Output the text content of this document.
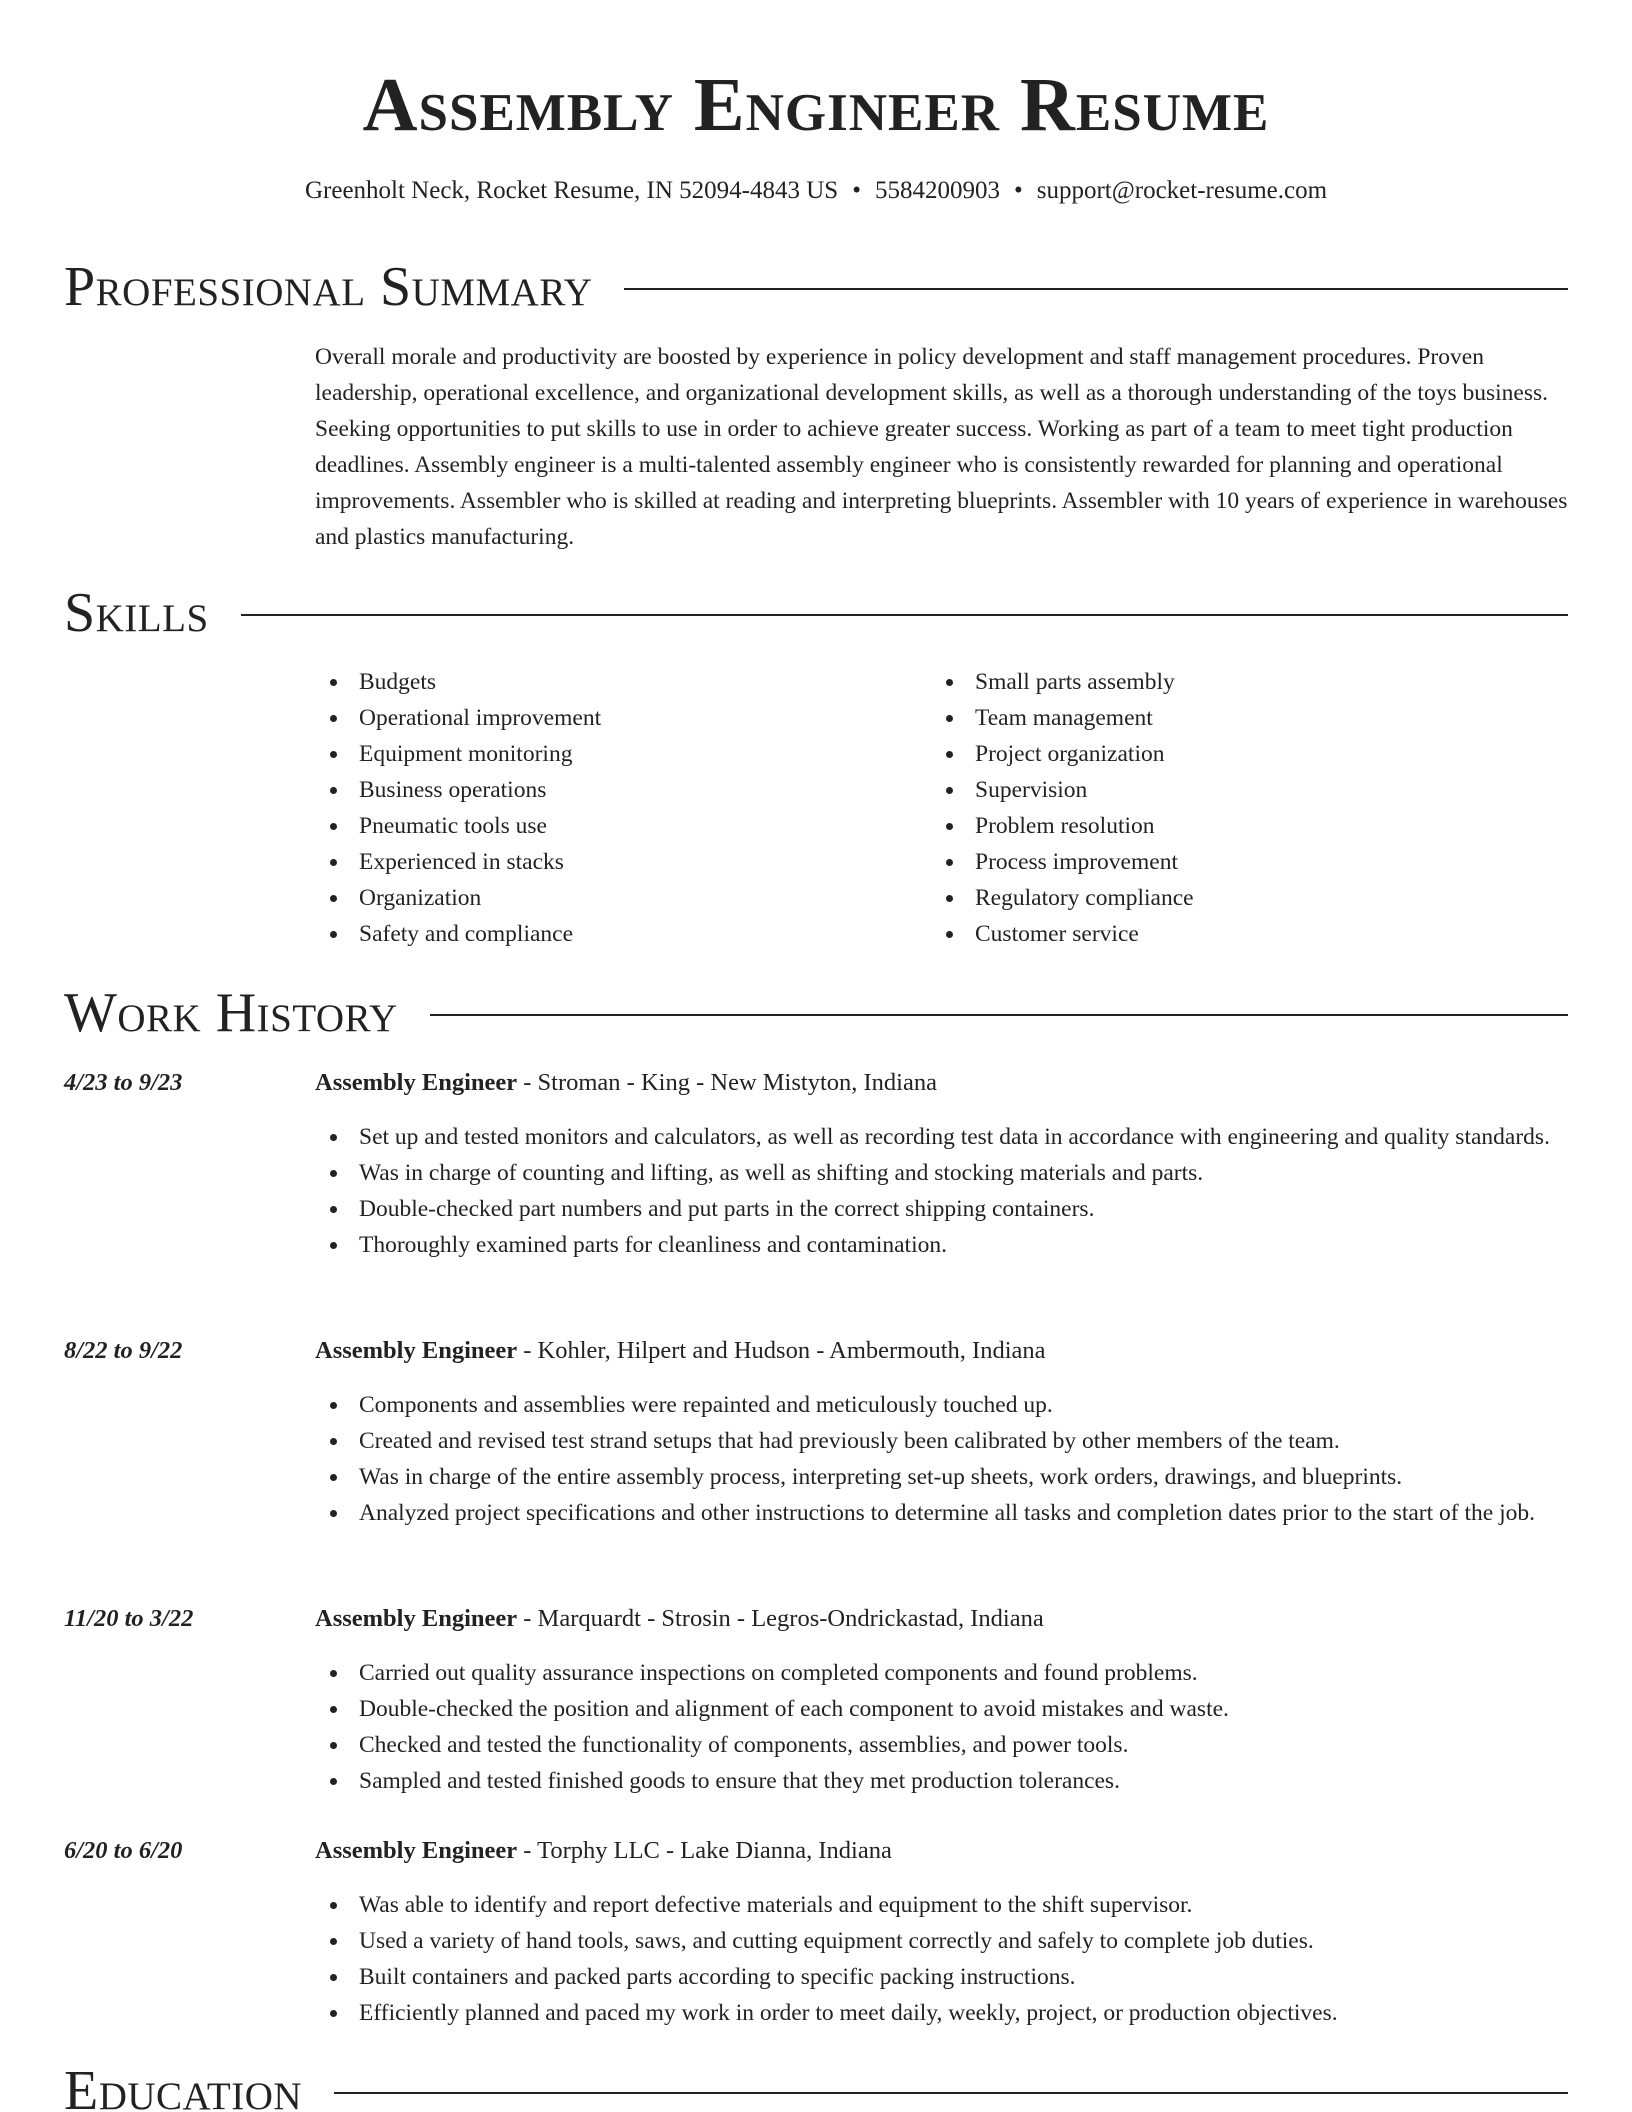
Assembly Engineer Resume
Greenholt Neck, Rocket Resume, IN 52094-4843 US • 5584200903 • support@rocket-resume.com
Professional Summary

Overall morale and productivity are boosted by experience in policy development and staff management procedures. Proven leadership, operational excellence, and organizational development skills, as well as a thorough understanding of the toys business. Seeking opportunities to put skills to use in order to achieve greater success. Working as part of a team to meet tight production deadlines. Assembly engineer is a multi-talented assembly engineer who is consistently rewarded for planning and operational improvements. Assembler who is skilled at reading and interpreting blueprints. Assembler with 10 years of experience in warehouses and plastics manufacturing.

Skills
Budgets
Operational improvement
Equipment monitoring
Business operations
Pneumatic tools use
Experienced in stacks
Organization
Safety and compliance
Small parts assembly
Team management
Project organization
Supervision
Problem resolution
Process improvement
Regulatory compliance
Customer service
Work History
4/23 to 9/23	Assembly Engineer - Stroman - King - New Mistyton, Indiana
Set up and tested monitors and calculators, as well as recording test data in accordance with engineering and quality standards.
Was in charge of counting and lifting, as well as shifting and stocking materials and parts.
Double-checked part numbers and put parts in the correct shipping containers.
Thoroughly examined parts for cleanliness and contamination.
8/22 to 9/22	Assembly Engineer - Kohler, Hilpert and Hudson - Ambermouth, Indiana
Components and assemblies were repainted and meticulously touched up.
Created and revised test strand setups that had previously been calibrated by other members of the team.
Was in charge of the entire assembly process, interpreting set-up sheets, work orders, drawings, and blueprints.
Analyzed project specifications and other instructions to determine all tasks and completion dates prior to the start of the job.
11/20 to 3/22	Assembly Engineer - Marquardt - Strosin - Legros-Ondrickastad, Indiana
Carried out quality assurance inspections on completed components and found problems.
Double-checked the position and alignment of each component to avoid mistakes and waste.
Checked and tested the functionality of components, assemblies, and power tools.
Sampled and tested finished goods to ensure that they met production tolerances.
6/20 to 6/20	Assembly Engineer - Torphy LLC - Lake Dianna, Indiana
Was able to identify and report defective materials and equipment to the shift supervisor.
Used a variety of hand tools, saws, and cutting equipment correctly and safely to complete job duties.
Built containers and packed parts according to specific packing instructions.
Efficiently planned and paced my work in order to meet daily, weekly, project, or production objectives.
Education
